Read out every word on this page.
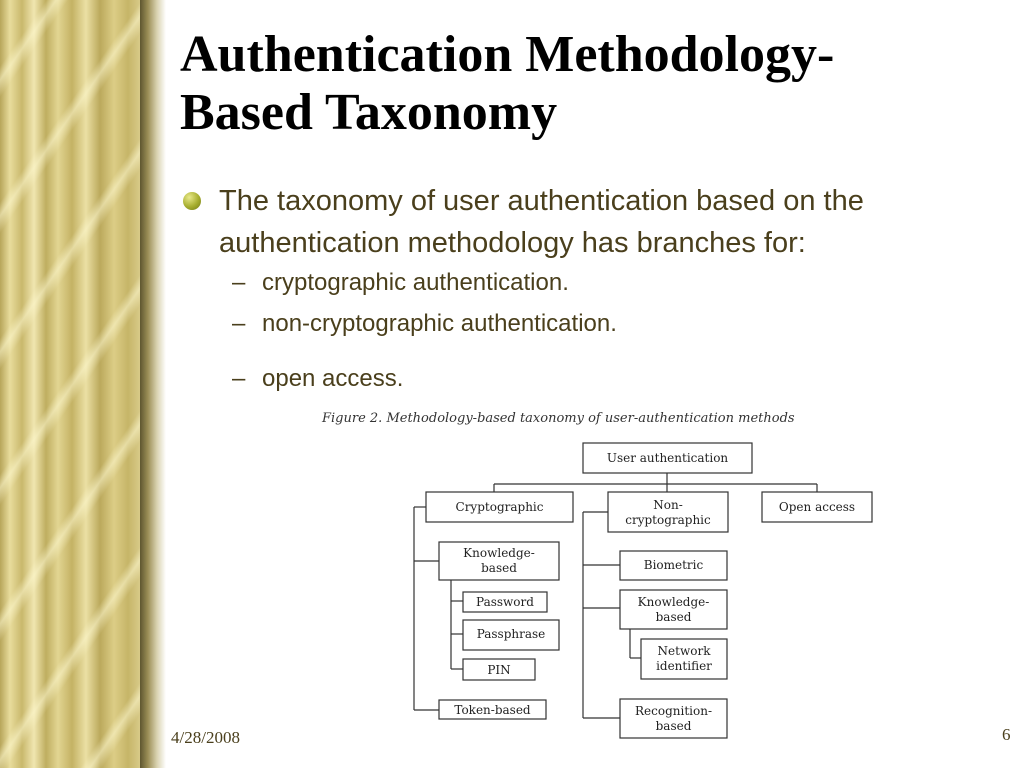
Authentication Methodology-
Based Taxonomy
The taxonomy of user authentication based on the authentication methodology has branches for:
– cryptographic authentication.
– non-cryptographic authentication.
– open access.
Figure 2. Methodology-based taxonomy of user-authentication methods
User authentication
Cryptographic	Non-
cryptographic
Open access
Knowledge-
based
Password
Passphrase
PIN
Token-based
Biometric
Knowledge-
based
Network
identifier
Recognition-
based
4/28/2008	6
